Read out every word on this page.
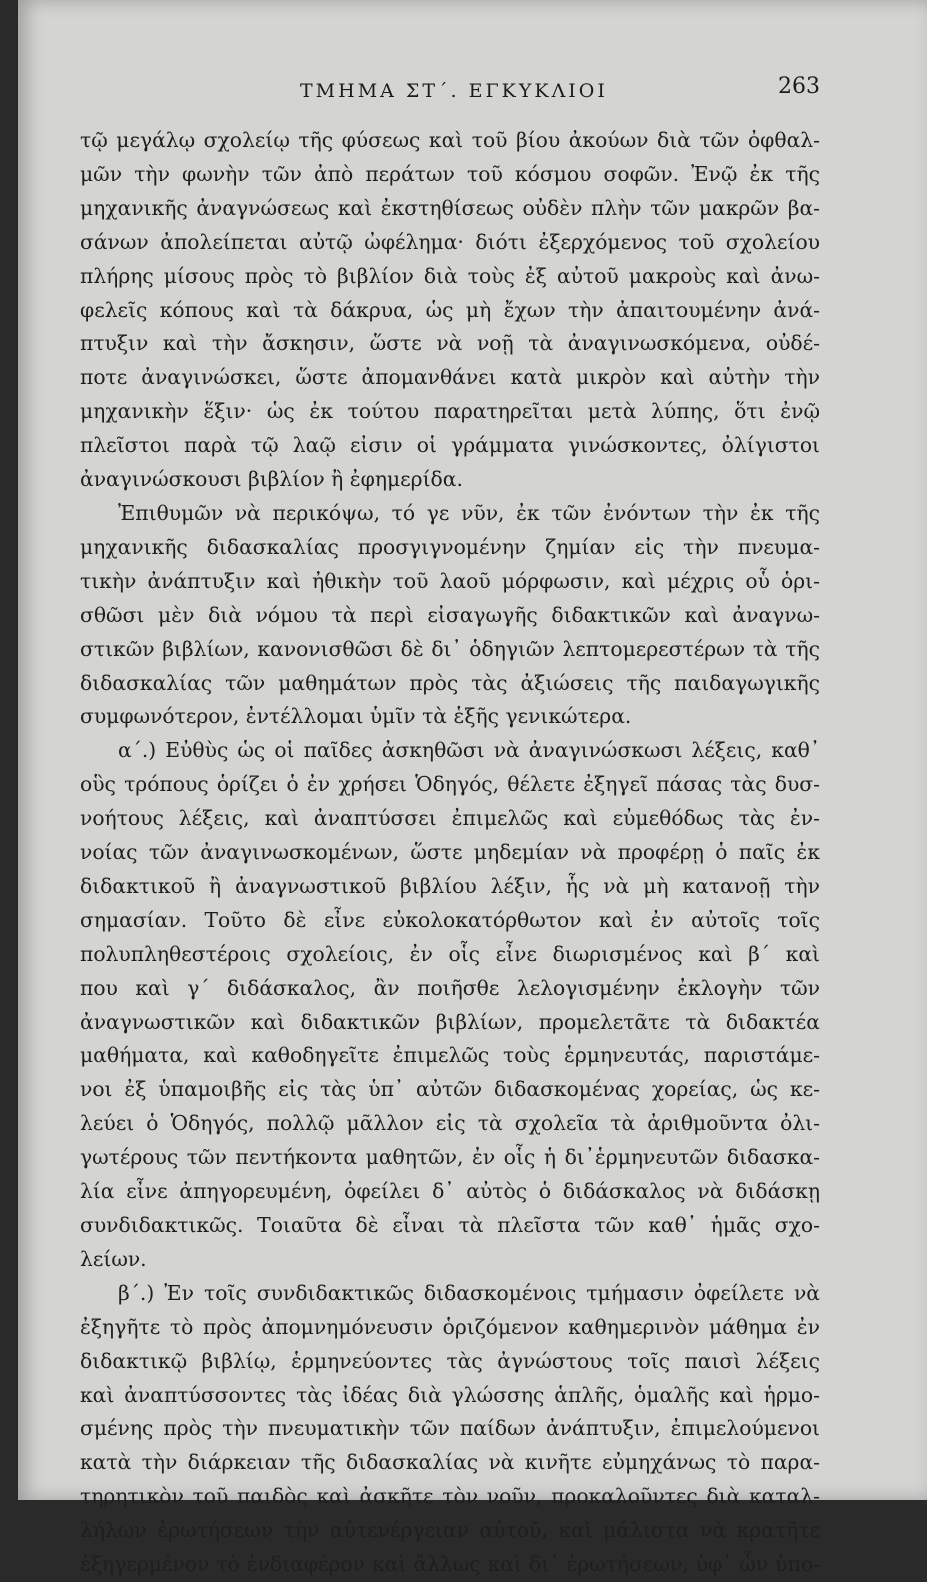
ΤΜΗΜΑ ΣΤ΄. ΕΓΚΥΚΛΙΟΙ	263
τῷ μεγάλῳ σχολείῳ τῆς φύσεως καὶ τοῦ βίου ἀκούων διὰ τῶν ὀφθαλ-
μῶν τὴν φωνὴν τῶν ἀπὸ περάτων τοῦ κόσμου σοφῶν. Ἐνῷ ἐκ τῆς
μηχανικῆς ἀναγνώσεως καὶ ἐκστηθίσεως οὐδὲν πλὴν τῶν μακρῶν βα-
σάνων ἀπολείπεται αὐτῷ ὠφέλημα· διότι ἐξερχόμενος τοῦ σχολείου
πλήρης μίσους πρὸς τὸ βιβλίον διὰ τοὺς ἐξ αὐτοῦ μακροὺς καὶ ἀνω-
φελεῖς κόπους καὶ τὰ δάκρυα, ὡς μὴ ἔχων τὴν ἀπαιτουμένην ἀνά-
πτυξιν καὶ τὴν ἄσκησιν, ὥστε νὰ νοῇ τὰ ἀναγινωσκόμενα, οὐδέ-
ποτε ἀναγινώσκει, ὥστε ἀπομανθάνει κατὰ μικρὸν καὶ αὐτὴν τὴν
μηχανικὴν ἕξιν· ὡς ἐκ τούτου παρατηρεῖται μετὰ λύπης, ὅτι ἐνῷ
πλεῖστοι παρὰ τῷ λαῷ εἰσιν οἱ γράμματα γινώσκοντες, ὀλίγιστοι
ἀναγινώσκουσι βιβλίον ἢ ἐφημερίδα.
Ἐπιθυμῶν νὰ περικόψω, τό γε νῦν, ἐκ τῶν ἐνόντων τὴν ἐκ τῆς
μηχανικῆς διδασκαλίας προσγιγνομένην ζημίαν εἰς τὴν πνευμα-
τικὴν ἀνάπτυξιν καὶ ἠθικὴν τοῦ λαοῦ μόρφωσιν, καὶ μέχρις οὗ ὁρι-
σθῶσι μὲν διὰ νόμου τὰ περὶ εἰσαγωγῆς διδακτικῶν καὶ ἀναγνω-
στικῶν βιβλίων, κανονισθῶσι δὲ δι᾽ ὁδηγιῶν λεπτομερεστέρων τὰ τῆς
διδασκαλίας τῶν μαθημάτων πρὸς τὰς ἀξιώσεις τῆς παιδαγωγικῆς
συμφωνότερον, ἐντέλλομαι ὑμῖν τὰ ἑξῆς γενικώτερα.
α΄.) Εὐθὺς ὡς οἱ παῖδες ἀσκηθῶσι νὰ ἀναγινώσκωσι λέξεις, καθ᾽
οὓς τρόπους ὁρίζει ὁ ἐν χρήσει Ὁδηγός, θέλετε ἐξηγεῖ πάσας τὰς δυσ-
νοήτους λέξεις, καὶ ἀναπτύσσει ἐπιμελῶς καὶ εὐμεθόδως τὰς ἐν-
νοίας τῶν ἀναγινωσκομένων, ὥστε μηδεμίαν νὰ προφέρῃ ὁ παῖς ἐκ
διδακτικοῦ ἢ ἀναγνωστικοῦ βιβλίου λέξιν, ἧς νὰ μὴ κατανοῇ τὴν
σημασίαν. Τοῦτο δὲ εἶνε εὐκολοκατόρθωτον καὶ ἐν αὐτοῖς τοῖς
πολυπληθεστέροις σχολείοις, ἐν οἷς εἶνε διωρισμένος καὶ β΄ καὶ
που καὶ γ΄ διδάσκαλος, ἂν ποιῆσθε λελογισμένην ἐκλογὴν τῶν
ἀναγνωστικῶν καὶ διδακτικῶν βιβλίων, προμελετᾶτε τὰ διδακτέα
μαθήματα, καὶ καθοδηγεῖτε ἐπιμελῶς τοὺς ἑρμηνευτάς, παριστάμε-
νοι ἐξ ὑπαμοιβῆς εἰς τὰς ὑπ᾽ αὐτῶν διδασκομένας χορείας, ὡς κε-
λεύει ὁ Ὁδηγός, πολλῷ μᾶλλον εἰς τὰ σχολεῖα τὰ ἀριθμοῦντα ὀλι-
γωτέρους τῶν πεντήκοντα μαθητῶν, ἐν οἷς ἡ δι᾽ἑρμηνευτῶν διδασκα-
λία εἶνε ἀπηγορευμένη, ὀφείλει δ᾽ αὐτὸς ὁ διδάσκαλος νὰ διδάσκῃ
συνδιδακτικῶς. Τοιαῦτα δὲ εἶναι τὰ πλεῖστα τῶν καθ᾽ ἡμᾶς σχο-
λείων.
β΄.) Ἐν τοῖς συνδιδακτικῶς διδασκομένοις τμήμασιν ὀφείλετε νὰ
ἐξηγῆτε τὸ πρὸς ἀπομνημόνευσιν ὁριζόμενον καθημερινὸν μάθημα ἐν
διδακτικῷ βιβλίῳ, ἑρμηνεύοντες τὰς ἀγνώστους τοῖς παισὶ λέξεις
καὶ ἀναπτύσσοντες τὰς ἰδέας διὰ γλώσσης ἁπλῆς, ὁμαλῆς καὶ ἡρμο-
σμένης πρὸς τὴν πνευματικὴν τῶν παίδων ἀνάπτυξιν, ἐπιμελούμενοι
κατὰ τὴν διάρκειαν τῆς διδασκαλίας νὰ κινῆτε εὐμηχάνως τὸ παρα-
τηρητικὸν τοῦ παιδὸς καὶ ἀσκῆτε τὸν νοῦν, προκαλοῦντες διὰ καταλ-
λήλων ἐρωτήσεων τὴν αὐτενέργειαν αὐτοῦ, καὶ μάλιστα νὰ κρατῆτε
ἐξηγερμένον τὸ ἐνδιαφέρον καὶ ἄλλως καὶ δι᾽ ἐρωτήσεων, ὑφ᾽ ὧν ὑπο-
